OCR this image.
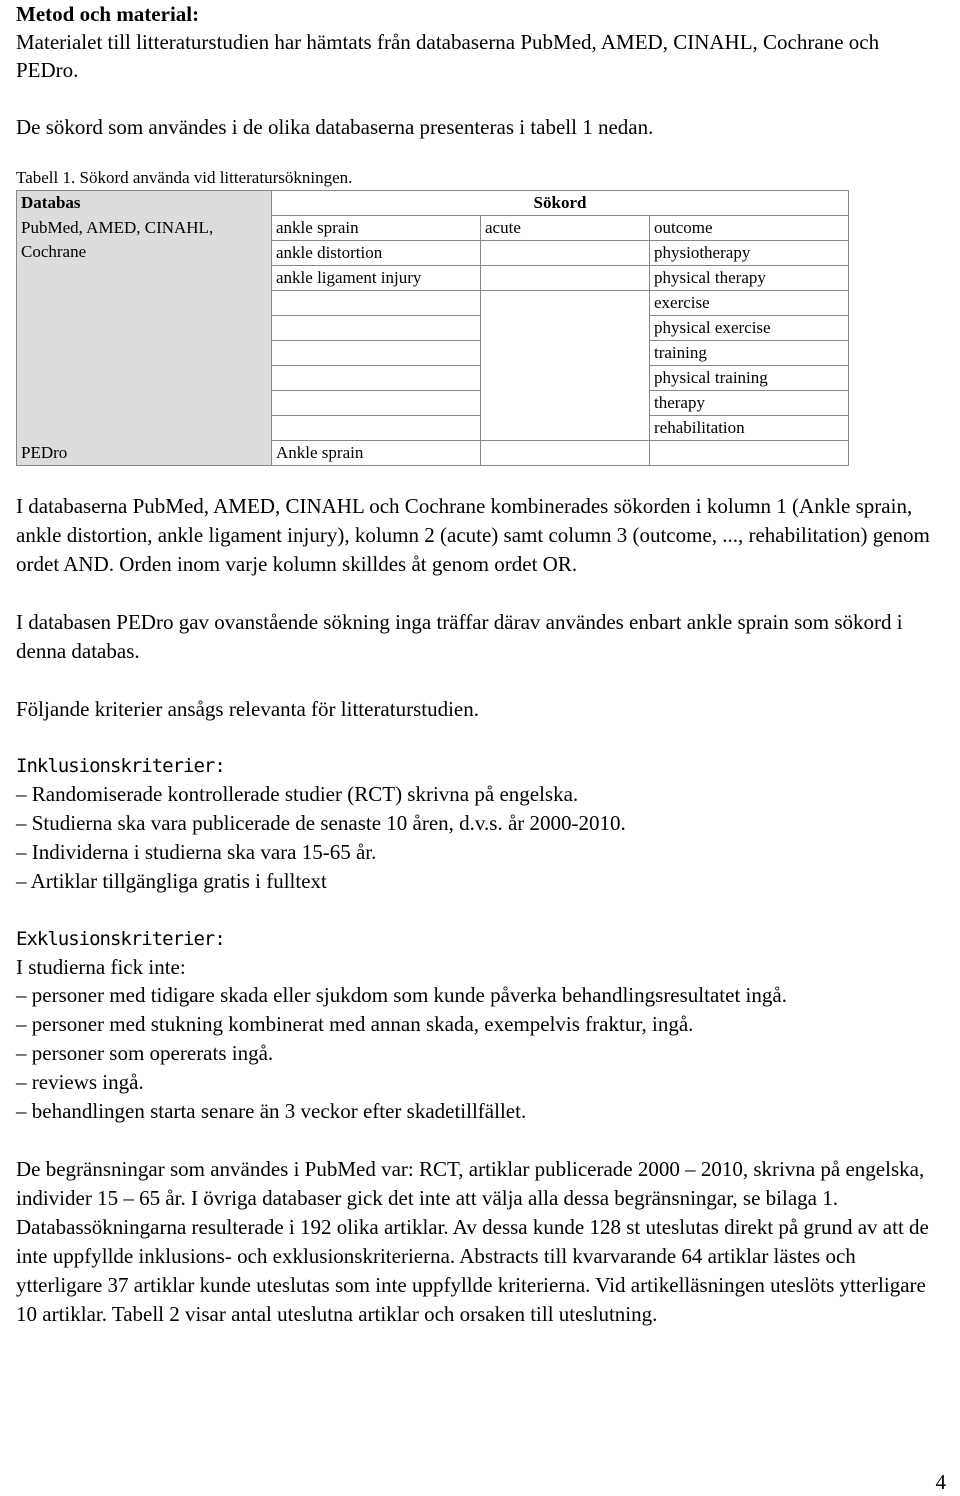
Metod och material:

Materialet till litteraturstudien har hämtats från databaserna PubMed, AMED, CINAHL, Cochrane och PEDro.

De sökord som användes i de olika databaserna presenteras i tabell 1 nedan.

Tabell 1. Sökord använda vid litteratursökningen.
Databas	Sökord		
PubMed, AMED, CINAHL, Cochrane	ankle sprain	acute	outcome
	ankle distortion		physiotherapy
	ankle ligament injury		physical therapy
			exercise
			physical exercise
			training
			physical training
			therapy
			rehabilitation
PEDro	Ankle sprain		

I databaserna PubMed, AMED, CINAHL och Cochrane kombinerades sökorden i kolumn 1 (Ankle sprain, ankle distortion, ankle ligament injury), kolumn 2 (acute) samt column 3 (outcome, ..., rehabilitation) genom ordet AND. Orden inom varje kolumn skilldes åt genom ordet OR.

I databasen PEDro gav ovanstående sökning inga träffar därav användes enbart ankle sprain som sökord i denna databas.

Följande kriterier ansågs relevanta för litteraturstudien.

Inklusionskriterier:
– Randomiserade kontrollerade studier (RCT) skrivna på engelska.
– Studierna ska vara publicerade de senaste 10 åren, d.v.s. år 2000-2010.
– Individerna i studierna ska vara 15-65 år.
– Artiklar tillgängliga gratis i fulltext
Exklusionskriterier:
I studierna fick inte:
– personer med tidigare skada eller sjukdom som kunde påverka behandlingsresultatet ingå.
– personer med stukning kombinerat med annan skada, exempelvis fraktur, ingå.
– personer som opererats ingå.
– reviews ingå.
– behandlingen starta senare än 3 veckor efter skadetillfället.

De begränsningar som användes i PubMed var: RCT, artiklar publicerade 2000 – 2010, skrivna på engelska, individer 15 – 65 år. I övriga databaser gick det inte att välja alla dessa begränsningar, se bilaga 1. Databassökningarna resulterade i 192 olika artiklar. Av dessa kunde 128 st uteslutas direkt på grund av att de inte uppfyllde inklusions- och exklusionskriterierna. Abstracts till kvarvarande 64 artiklar lästes och ytterligare 37 artiklar kunde uteslutas som inte uppfyllde kriterierna. Vid artikelläsningen uteslöts ytterligare 10 artiklar. Tabell 2 visar antal uteslutna artiklar och orsaken till uteslutning.

4
